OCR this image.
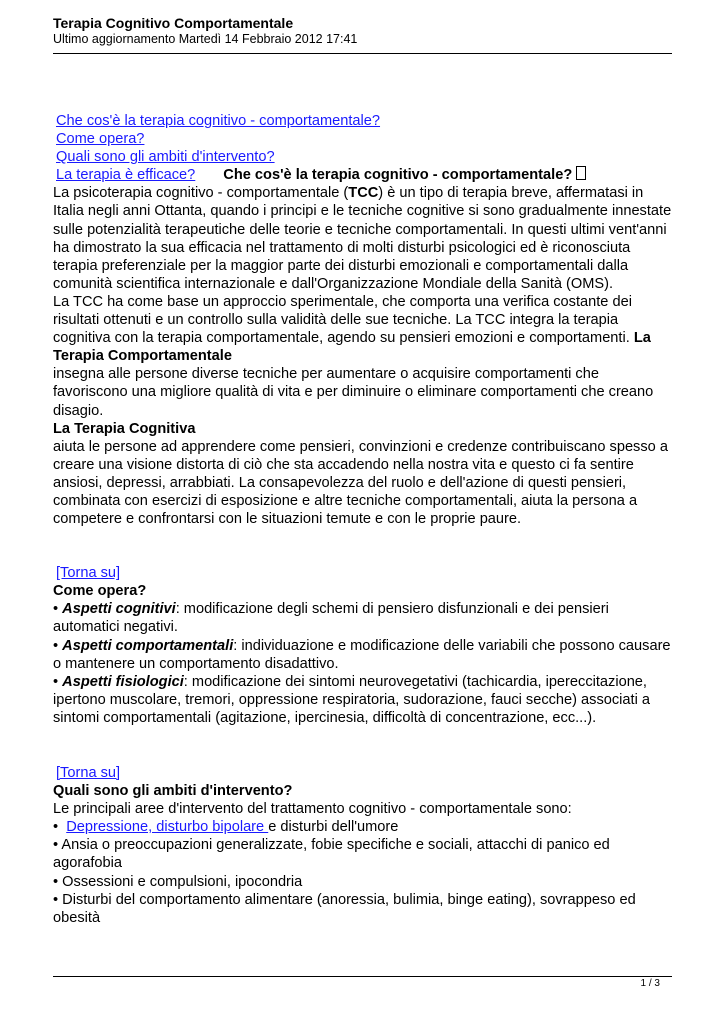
Terapia Cognitivo Comportamentale
Ultimo aggiornamento Martedì 14 Febbraio 2012 17:41

Che cos'è la terapia cognitivo - comportamentale?

Come opera?

Quali sono gli ambiti d'intervento?

La terapia è efficace? Che cos'è la terapia cognitivo - comportamentale?

La psicoterapia cognitivo - comportamentale (TCC) è un tipo di terapia breve, affermatasi in Italia negli anni Ottanta, quando i principi e le tecniche cognitive si sono gradualmente innestate sulle potenzialità terapeutiche delle teorie e tecniche comportamentali. In questi ultimi vent'anni ha dimostrato la sua efficacia nel trattamento di molti disturbi psicologici ed è riconosciuta terapia preferenziale per la maggior parte dei disturbi emozionali e comportamentali dalla comunità scientifica internazionale e dall'Organizzazione Mondiale della Sanità (OMS).

La TCC ha come base un approccio sperimentale, che comporta una verifica costante dei risultati ottenuti e un controllo sulla validità delle sue tecniche. La TCC integra la terapia cognitiva con la terapia comportamentale, agendo su pensieri emozioni e comportamenti. La Terapia Comportamentale

insegna alle persone diverse tecniche per aumentare o acquisire comportamenti che favoriscono una migliore qualità di vita e per diminuire o eliminare comportamenti che creano disagio.

La Terapia Cognitiva

aiuta le persone ad apprendere come pensieri, convinzioni e credenze contribuiscano spesso a creare una visione distorta di ciò che sta accadendo nella nostra vita e questo ci fa sentire ansiosi, depressi, arrabbiati. La consapevolezza del ruolo e dell'azione di questi pensieri, combinata con esercizi di esposizione e altre tecniche comportamentali, aiuta la persona a competere e confrontarsi con le situazioni temute e con le proprie paure.

[Torna su]

Come opera?

• Aspetti cognitivi: modificazione degli schemi di pensiero disfunzionali e dei pensieri automatici negativi.

• Aspetti comportamentali: individuazione e modificazione delle variabili che possono causare o mantenere un comportamento disadattivo.

• Aspetti fisiologici: modificazione dei sintomi neurovegetativi (tachicardia, ipereccitazione, ipertono muscolare, tremori, oppressione respiratoria, sudorazione, fauci secche) associati a sintomi comportamentali (agitazione, ipercinesia, difficoltà di concentrazione, ecc...).

[Torna su]

Quali sono gli ambiti d'intervento?

Le principali aree d'intervento del trattamento cognitivo - comportamentale sono:

• Depressione, disturbo bipolare e disturbi dell'umore

• Ansia o preoccupazioni generalizzate, fobie specifiche e sociali, attacchi di panico ed agorafobia

• Ossessioni e compulsioni, ipocondria

• Disturbi del comportamento alimentare (anoressia, bulimia, binge eating), sovrappeso ed obesità

1 / 3
